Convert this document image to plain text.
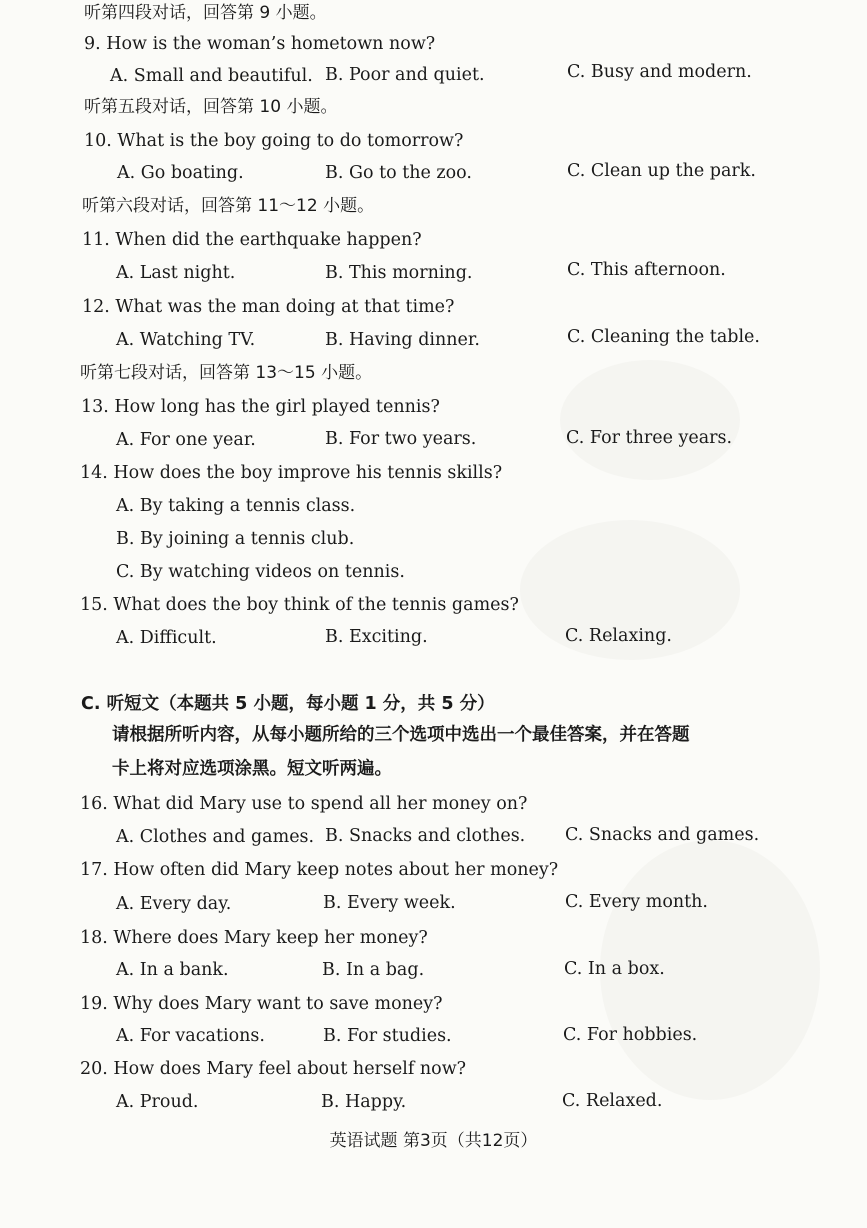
听第四段对话，回答第 9 小题。
9. How is the woman’s hometown now?
A. Small and beautiful. B. Poor and quiet.	C. Busy and modern.
听第五段对话，回答第 10 小题。
10. What is the boy going to do tomorrow?
A. Go boating.	B. Go to the zoo.	C. Clean up the park.
听第六段对话，回答第 11～12 小题。
11. When did the earthquake happen?
A. Last night.	B. This morning.	C. This afternoon.
12. What was the man doing at that time?
A. Watching TV.	B. Having dinner.	C. Cleaning the table.
听第七段对话，回答第 13～15 小题。
13. How long has the girl played tennis?
A. For one year.	B. For two years.	C. For three years.
14. How does the boy improve his tennis skills?
A. By taking a tennis class.
B. By joining a tennis club.
C. By watching videos on tennis.
15. What does the boy think of the tennis games?
A. Difficult.	B. Exciting.	C. Relaxing.
C. 听短文（本题共 5 小题，每小题 1 分，共 5 分）
请根据所听内容，从每小题所给的三个选项中选出一个最佳答案，并在答题
卡上将对应选项涂黑。短文听两遍。
16. What did Mary use to spend all her money on?
A. Clothes and games. B. Snacks and clothes. C. Snacks and games.
17. How often did Mary keep notes about her money?
A. Every day.	B. Every week.	C. Every month.
18. Where does Mary keep her money?
A. In a bank.	B. In a bag.	C. In a box.
19. Why does Mary want to save money?
A. For vacations.	B. For studies.	C. For hobbies.
20. How does Mary feel about herself now?
A. Proud.	B. Happy.	C. Relaxed.
英语试题 第3页（共12页）
